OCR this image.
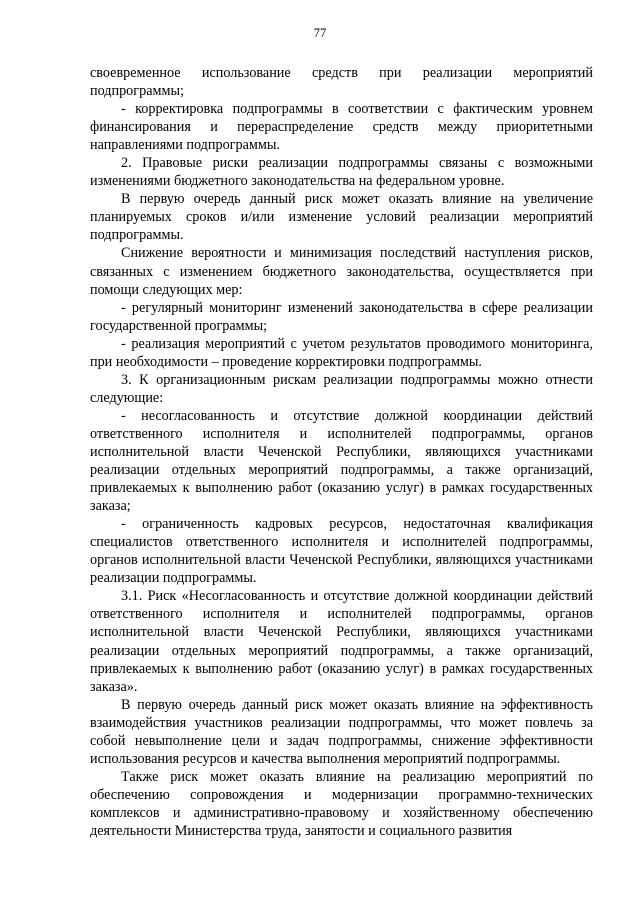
77

своевременное использование средств при реализации мероприятий подпрограммы;

- корректировка подпрограммы в соответствии с фактическим уровнем финансирования и перераспределение средств между приоритетными направлениями подпрограммы.

2. Правовые риски реализации подпрограммы связаны с возможными изменениями бюджетного законодательства на федеральном уровне.

В первую очередь данный риск может оказать влияние на увеличение планируемых сроков и/или изменение условий реализации мероприятий подпрограммы.

Снижение вероятности и минимизация последствий наступления рисков, связанных с изменением бюджетного законодательства, осуществляется при помощи следующих мер:

- регулярный мониторинг изменений законодательства в сфере реализации государственной программы;

- реализация мероприятий с учетом результатов проводимого мониторинга, при необходимости – проведение корректировки подпрограммы.

3. К организационным рискам реализации подпрограммы можно отнести следующие:

- несогласованность и отсутствие должной координации действий ответственного исполнителя и исполнителей подпрограммы, органов исполнительной власти Чеченской Республики, являющихся участниками реализации отдельных мероприятий подпрограммы, а также организаций, привлекаемых к выполнению работ (оказанию услуг) в рамках государственных заказа;

- ограниченность кадровых ресурсов, недостаточная квалификация специалистов ответственного исполнителя и исполнителей подпрограммы, органов исполнительной власти Чеченской Республики, являющихся участниками реализации подпрограммы.

3.1. Риск «Несогласованность и отсутствие должной координации действий ответственного исполнителя и исполнителей подпрограммы, органов исполнительной власти Чеченской Республики, являющихся участниками реализации отдельных мероприятий подпрограммы, а также организаций, привлекаемых к выполнению работ (оказанию услуг) в рамках государственных заказа».

В первую очередь данный риск может оказать влияние на эффективность взаимодействия участников реализации подпрограммы, что может повлечь за собой невыполнение цели и задач подпрограммы, снижение эффективности использования ресурсов и качества выполнения мероприятий подпрограммы.

Также риск может оказать влияние на реализацию мероприятий по обеспечению сопровождения и модернизации программно-технических комплексов и административно-правовому и хозяйственному обеспечению деятельности Министерства труда, занятости и социального развития
